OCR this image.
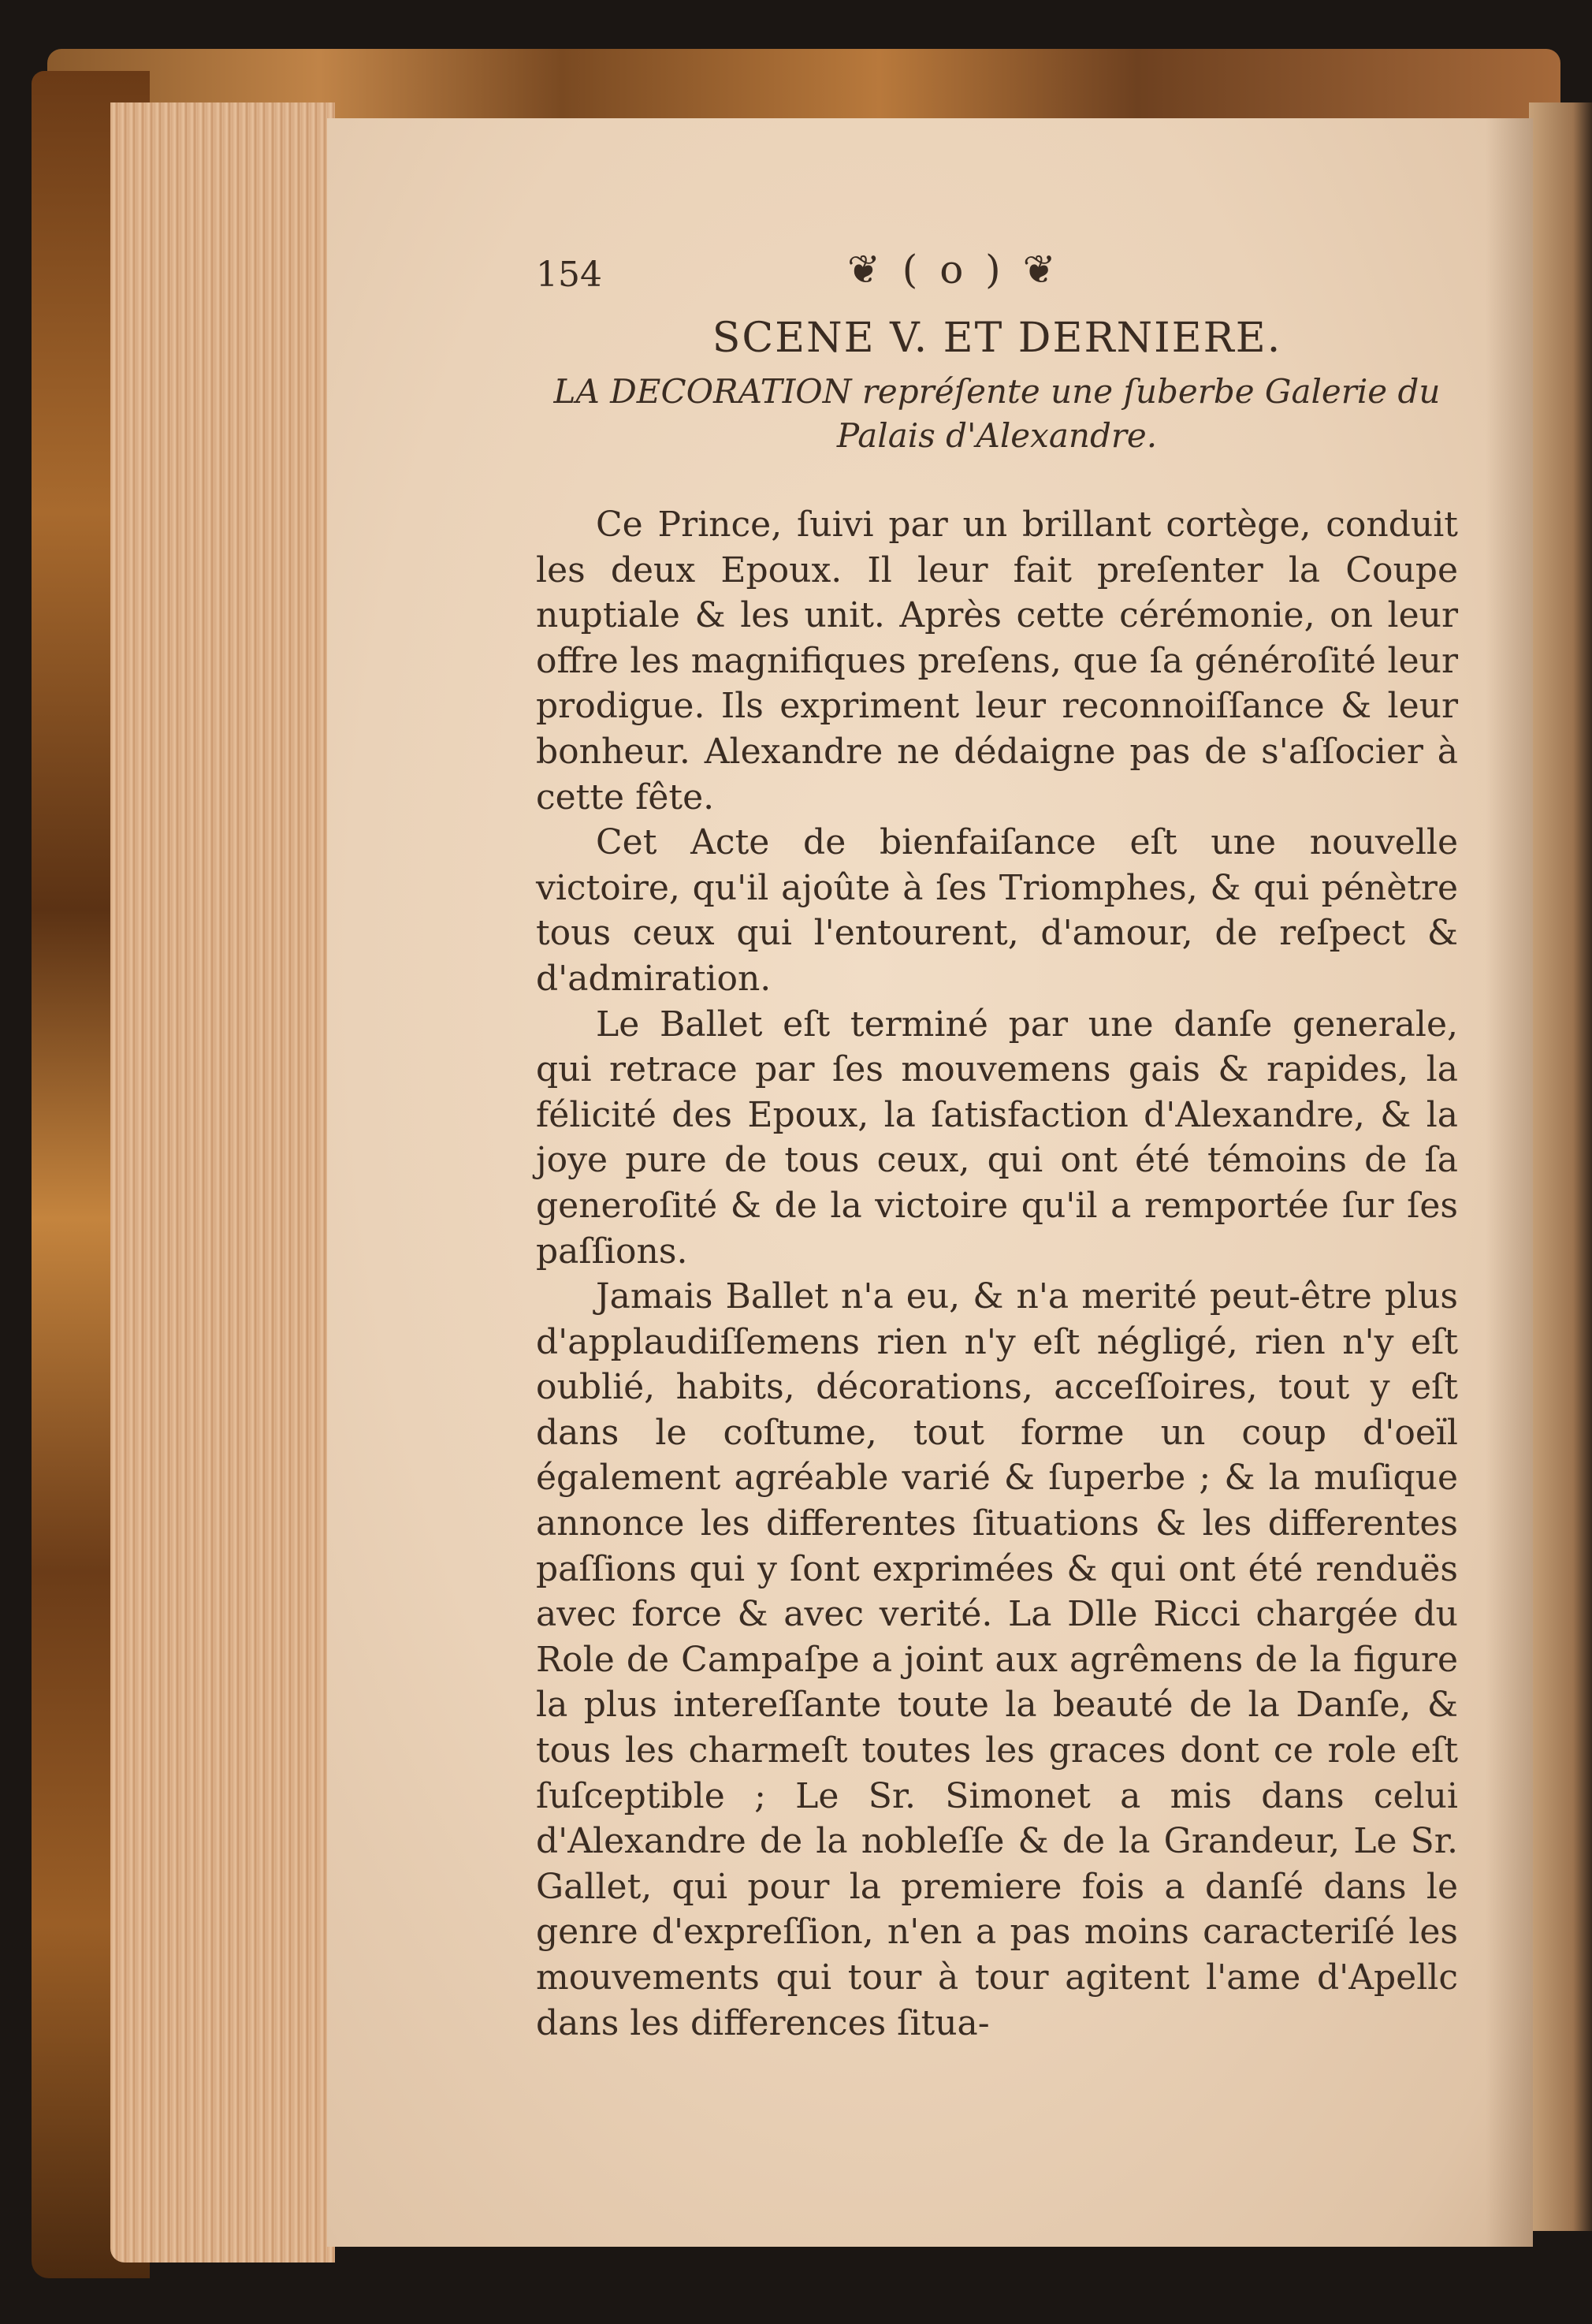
154	❦ ( o ) ❦
SCENE V. ET DERNIERE.
LA DECORATION repréſente une ſuberbe Galerie du Palais d'Alexandre.

Ce Prince, ſuivi par un brillant cortège, conduit les deux Epoux. Il leur fait preſenter la Coupe nuptiale & les unit. Après cette cérémonie, on leur offre les magnifiques preſens, que ſa généroſité leur prodigue. Ils expriment leur reconnoiſſance & leur bonheur. Alexandre ne dédaigne pas de s'aſſocier à cette fête.

Cet Acte de bienfaiſance eſt une nouvelle victoire, qu'il ajoûte à ſes Triomphes, & qui pénètre tous ceux qui l'entourent, d'amour, de reſpect & d'admiration.

Le Ballet eſt terminé par une danſe generale, qui retrace par ſes mouvemens gais & rapides, la félicité des Epoux, la ſatisfaction d'Alexandre, & la joye pure de tous ceux, qui ont été témoins de ſa generoſité & de la victoire qu'il a remportée ſur ſes paſſions.

Jamais Ballet n'a eu, & n'a merité peut-être plus d'applaudiſſemens rien n'y eſt négligé, rien n'y eſt oublié, habits, décorations, acceſſoires, tout y eſt dans le coſtume, tout forme un coup d'oeïl également agréable varié & ſuperbe ; & la muſique annonce les differentes ſituations & les differentes paſſions qui y ſont exprimées & qui ont été renduës avec force & avec verité. La Dlle Ricci chargée du Role de Campaſpe a joint aux agrêmens de la figure la plus intereſſante toute la beauté de la Danſe, & tous les charmeſt toutes les graces dont ce role eſt ſuſceptible ; Le Sr. Simonet a mis dans celui d'Alexandre de la nobleſſe & de la Grandeur, Le Sr. Gallet, qui pour la premiere fois a danſé dans le genre d'expreſſion, n'en a pas moins caracteriſé les mouvements qui tour à tour agitent l'ame d'Apellc dans les differences ſitua-
